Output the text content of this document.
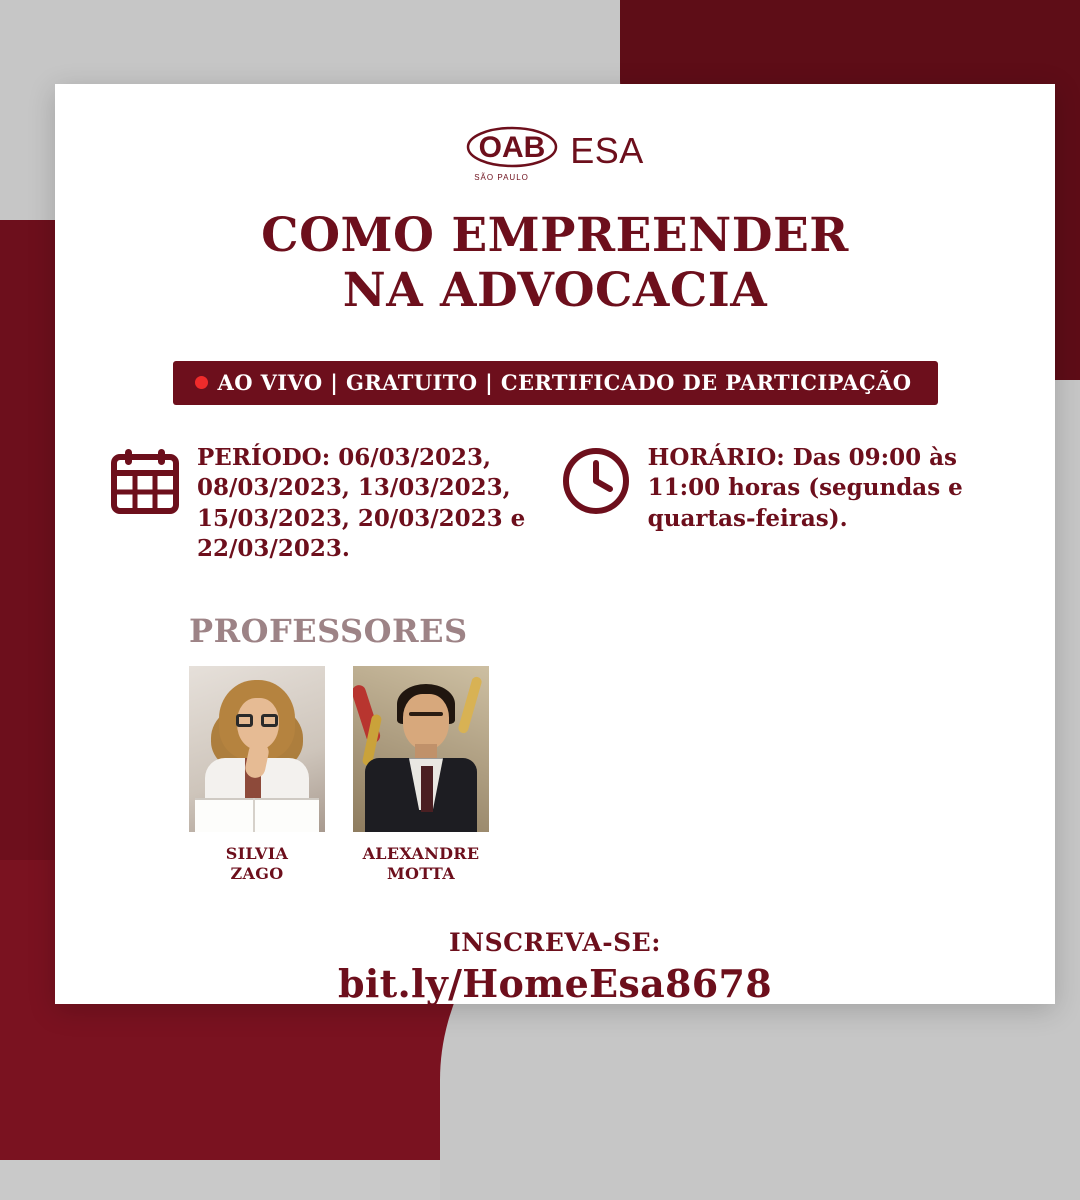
OAB
SÃO PAULO
ESA
COMO EMPREENDER
NA ADVOCACIA
AO VIVO | GRATUITO | CERTIFICADO DE PARTICIPAÇÃO
PERÍODO: 06/03/2023, 08/03/2023, 13/03/2023, 15/03/2023, 20/03/2023 e 22/03/2023.
HORÁRIO: Das 09:00 às 11:00 horas (segundas e quartas-feiras).
PROFESSORES
SILVIA
ZAGO
ALEXANDRE
MOTTA
INSCREVA-SE:
bit.ly/HomeEsa8678
